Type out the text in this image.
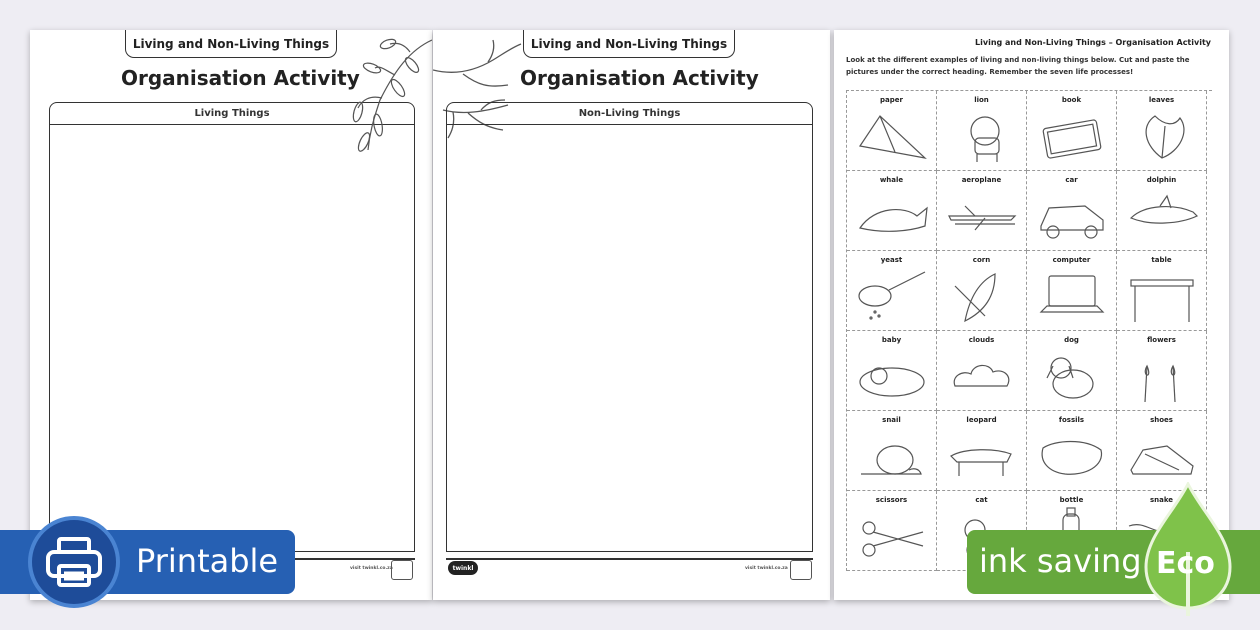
Living and Non-Living Things
Organisation Activity
Living Things
visit twinkl.co.za
Living and Non-Living Things
Organisation Activity
Non-Living Things
twinkl	visit twinkl.co.za
Living and Non-Living Things – Organisation Activity
Look at the different examples of living and non-living things below. Cut and paste the pictures under the correct heading. Remember the seven life processes!
paper	lion	book	leaves
whale	aeroplane	car	dolphin
yeast	corn	computer	table
baby	clouds	dog	flowers
snail	leopard	fossils	shoes
scissors	cat	bottle	snake
Printable	ink saving Eco
